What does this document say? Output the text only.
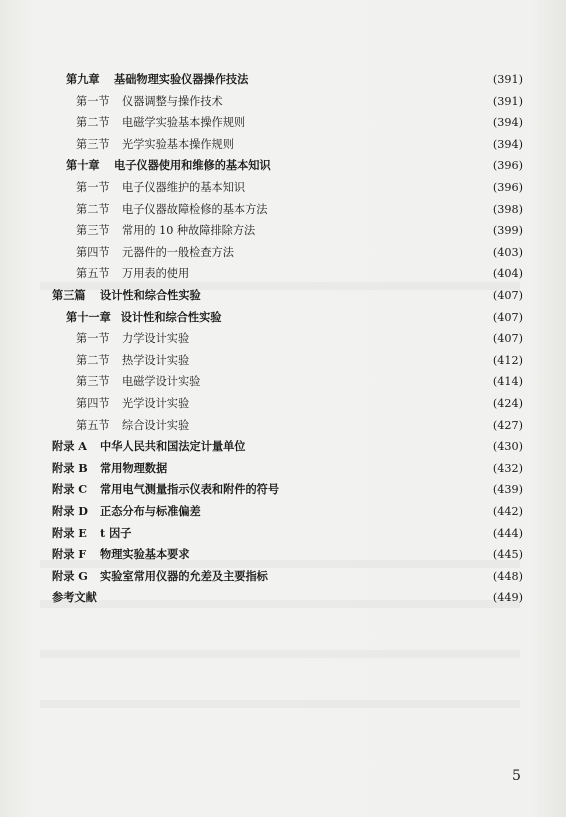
第九章	基础物理实验仪器操作技法	(391)
第一节	仪器调整与操作技术	(391)
第二节	电磁学实验基本操作规则	(394)
第三节	光学实验基本操作规则	(394)
第十章	电子仪器使用和维修的基本知识	(396)
第一节	电子仪器维护的基本知识	(396)
第二节	电子仪器故障检修的基本方法	(398)
第三节	常用的 10 种故障排除方法	(399)
第四节	元器件的一般检查方法	(403)
第五节	万用表的使用	(404)
第三篇	设计性和综合性实验	(407)
第十一章 设计性和综合性实验	(407)
第一节	力学设计实验	(407)
第二节	热学设计实验	(412)
第三节	电磁学设计实验	(414)
第四节	光学设计实验	(424)
第五节	综合设计实验	(427)
附录 A	中华人民共和国法定计量单位	(430)
附录 B	常用物理数据	(432)
附录 C	常用电气测量指示仪表和附件的符号	(439)
附录 D	正态分布与标准偏差	(442)
附录 E	t 因子	(444)
附录 F	物理实验基本要求	(445)
附录 G	实验室常用仪器的允差及主要指标	(448)
参考文献	(449)
5
